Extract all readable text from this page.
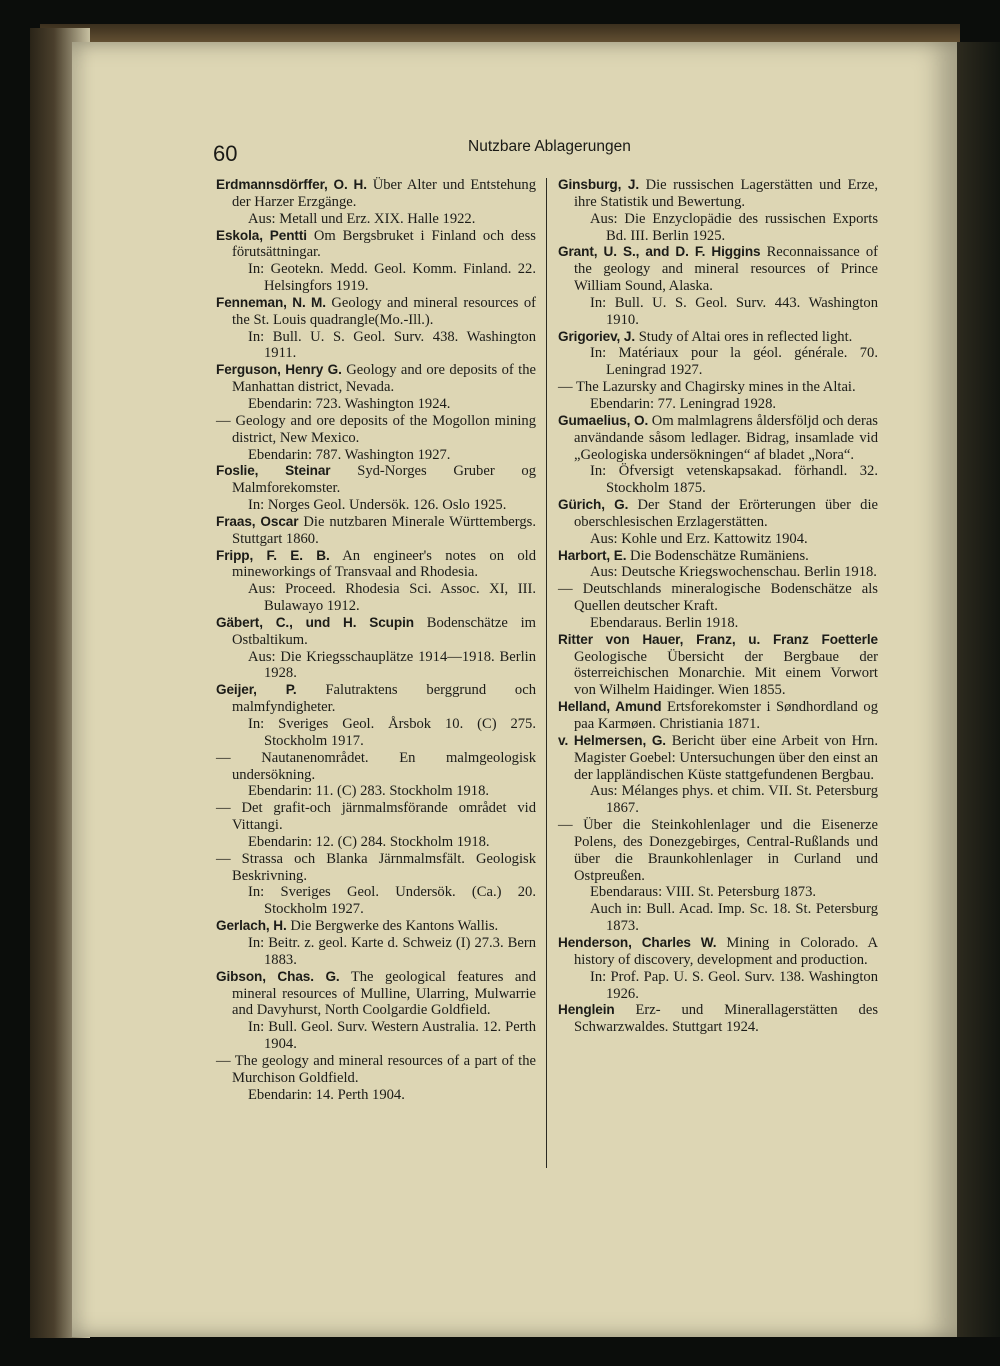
60	Nutzbare Ablagerungen

Erdmannsdörffer, O. H. Über Alter und Entstehung der Harzer Erzgänge.

Aus: Metall und Erz. XIX. Halle 1922.

Eskola, Pentti Om Bergsbruket i Finland och dess förutsättningar.

In: Geotekn. Medd. Geol. Komm. Finland. 22. Helsingfors 1919.

Fenneman, N. M. Geology and mineral resources of the St. Louis quadrangle(Mo.-Ill.).

In: Bull. U. S. Geol. Surv. 438. Washington 1911.

Ferguson, Henry G. Geology and ore deposits of the Manhattan district, Nevada.

Ebendarin: 723. Washington 1924.

— Geology and ore deposits of the Mogollon mining district, New Mexico.

Ebendarin: 787. Washington 1927.

Foslie, Steinar Syd-Norges Gruber og Malmforekomster.

In: Norges Geol. Undersök. 126. Oslo 1925.

Fraas, Oscar Die nutzbaren Minerale Württembergs. Stuttgart 1860.

Fripp, F. E. B. An engineer's notes on old mineworkings of Transvaal and Rhodesia.

Aus: Proceed. Rhodesia Sci. Assoc. XI, III. Bulawayo 1912.

Gäbert, C., und H. Scupin Bodenschätze im Ostbaltikum.

Aus: Die Kriegsschauplätze 1914—1918. Berlin 1928.

Geijer, P. Falutraktens berggrund och malmfyndigheter.

In: Sveriges Geol. Årsbok 10. (C) 275. Stockholm 1917.

— Nautanenområdet. En malmgeologisk undersökning.

Ebendarin: 11. (C) 283. Stockholm 1918.

— Det grafit-och järnmalmsförande området vid Vittangi.

Ebendarin: 12. (C) 284. Stockholm 1918.

— Strassa och Blanka Järnmalmsfält. Geologisk Beskrivning.

In: Sveriges Geol. Undersök. (Ca.) 20. Stockholm 1927.

Gerlach, H. Die Bergwerke des Kantons Wallis.

In: Beitr. z. geol. Karte d. Schweiz (I) 27.3. Bern 1883.

Gibson, Chas. G. The geological features and mineral resources of Mulline, Ularring, Mulwarrie and Davyhurst, North Coolgardie Goldfield.

In: Bull. Geol. Surv. Western Australia. 12. Perth 1904.

— The geology and mineral resources of a part of the Murchison Goldfield.

Ebendarin: 14. Perth 1904.

Ginsburg, J. Die russischen Lagerstätten und Erze, ihre Statistik und Bewertung.

Aus: Die Enzyclopädie des russischen Exports Bd. III. Berlin 1925.

Grant, U. S., and D. F. Higgins Reconnaissance of the geology and mineral resources of Prince William Sound, Alaska.

In: Bull. U. S. Geol. Surv. 443. Washington 1910.

Grigoriev, J. Study of Altai ores in reflected light.

In: Matériaux pour la géol. générale. 70. Leningrad 1927.

— The Lazursky and Chagirsky mines in the Altai.

Ebendarin: 77. Leningrad 1928.

Gumaelius, O. Om malmlagrens åldersföljd och deras användande såsom ledlager. Bidrag, insamlade vid „Geologiska undersökningen“ af bladet „Nora“.

In: Öfversigt vetenskapsakad. förhandl. 32. Stockholm 1875.

Gürich, G. Der Stand der Erörterungen über die oberschlesischen Erzlagerstätten.

Aus: Kohle und Erz. Kattowitz 1904.

Harbort, E. Die Bodenschätze Rumäniens.

Aus: Deutsche Kriegswochenschau. Berlin 1918.

— Deutschlands mineralogische Bodenschätze als Quellen deutscher Kraft.

Ebendaraus. Berlin 1918.

Ritter von Hauer, Franz, u. Franz Foetterle Geologische Übersicht der Bergbaue der österreichischen Monarchie. Mit einem Vorwort von Wilhelm Haidinger. Wien 1855.

Helland, Amund Ertsforekomster i Søndhordland og paa Karmøen. Christiania 1871.

v. Helmersen, G. Bericht über eine Arbeit von Hrn. Magister Goebel: Untersuchungen über den einst an der lappländischen Küste stattgefundenen Bergbau.

Aus: Mélanges phys. et chim. VII. St. Petersburg 1867.

— Über die Steinkohlenlager und die Eisenerze Polens, des Donezgebirges, Central-Rußlands und über die Braunkohlenlager in Curland und Ostpreußen.

Ebendaraus: VIII. St. Petersburg 1873.

Auch in: Bull. Acad. Imp. Sc. 18. St. Petersburg 1873.

Henderson, Charles W. Mining in Colorado. A history of discovery, development and production.

In: Prof. Pap. U. S. Geol. Surv. 138. Washington 1926.

Henglein Erz- und Minerallagerstätten des Schwarzwaldes. Stuttgart 1924.
